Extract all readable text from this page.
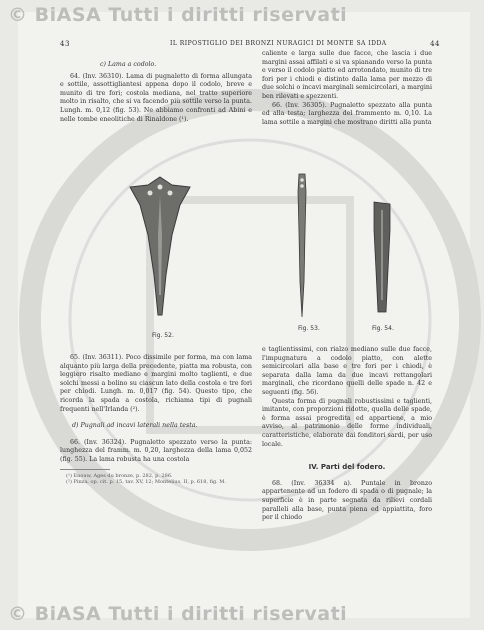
© BiASA Tutti i diritti riservati
© BiASA Tutti i diritti riservati
43	IL RIPOSTIGLIO DEI BRONZI NURAGICI DI MONTE SA IDDA	44

c) Lama a codolo.

64. (Inv. 36310). Lama di pugnaletto di forma allungata e sottile, assottigliantesi appena dopo il codolo, breve e munito di tre fori; costola mediana, nel tratto superiore molto in risalto, che si va facendo più sottile verso la punta. Lungh. m. 0,12 (fig. 53). Ne abbiamo confronti ad Abini e nelle tombe eneolitiche di Rinaldone (¹).

caliente e larga sulle due facce, che lascia i due margini assai affilati e si va spianando verso la punta e verso il codolo piatto ed arrotondato, munito di tre fori per i chiodi e distinto dalla lama per mezzo di due solchi o incavi marginali semicircolari, a margini ben rilevati e spezzenti.

66. (Inv. 36305). Pugnaletto spezzato alla punta ed alla testa; larghezza del frammento m. 0,10. La lama sottile a margini che mostrano diritti alla punta

Fig. 52.
Fig. 53.	Fig. 54.

65. (Inv. 36311). Poco dissimile per forma, ma con lama alquanto più larga della precedente, piatta ma robusta, con leggiero risalto mediano e margini molto taglienti, e due solchi messi a bolino su ciascun lato della costola e tre fori per chiodi. Lungh. m. 0,017 (fig. 54). Questo tipo, che ricorda la spada a costola, richiama tipi di pugnali frequenti nell'Irlanda (²).

d) Pugnali ad incavi laterali nella testa.

66. (Inv. 36324). Pugnaletto spezzato verso la punta: lunghezza del framm. m. 0,20, larghezza della lama 0,052 (fig. 55). La lama robusta ha una costola

(¹) Enouw, Ages du bronze, p. 282, p. 286.

(²) Pinza, op. cit. p. 15, tav. XV, 12; Montelius, II, p. 618, fig. M.

e taglientissimi, con rialzo mediano sulle due facce, l'impugnatura a codolo piatto, con alette semicircolari alla base e tre fori per i chiodi, è separata dalla lama da due incavi rettangolari marginali, che ricordano quelli delle spade n. 42 e seguenti (fig. 56).

Questa forma di pugnali robustissimi e taglienti, imitante, con proporzioni ridotte, quella delle spade, è forma assai progredita ed appartiene, a mio avviso, al patrimonio delle forme individuali, caratteristiche, elaborate dai fonditori sardi, per uso locale.

IV. Parti del fodero.

68. (Inv. 36334 a). Puntale in bronzo appartenente ad un fodero di spada o di pugnale; la superficie è in parte segnata da rilievi cordali paralleli alla base, punta piena ed appiattita, foro per il chiodo
